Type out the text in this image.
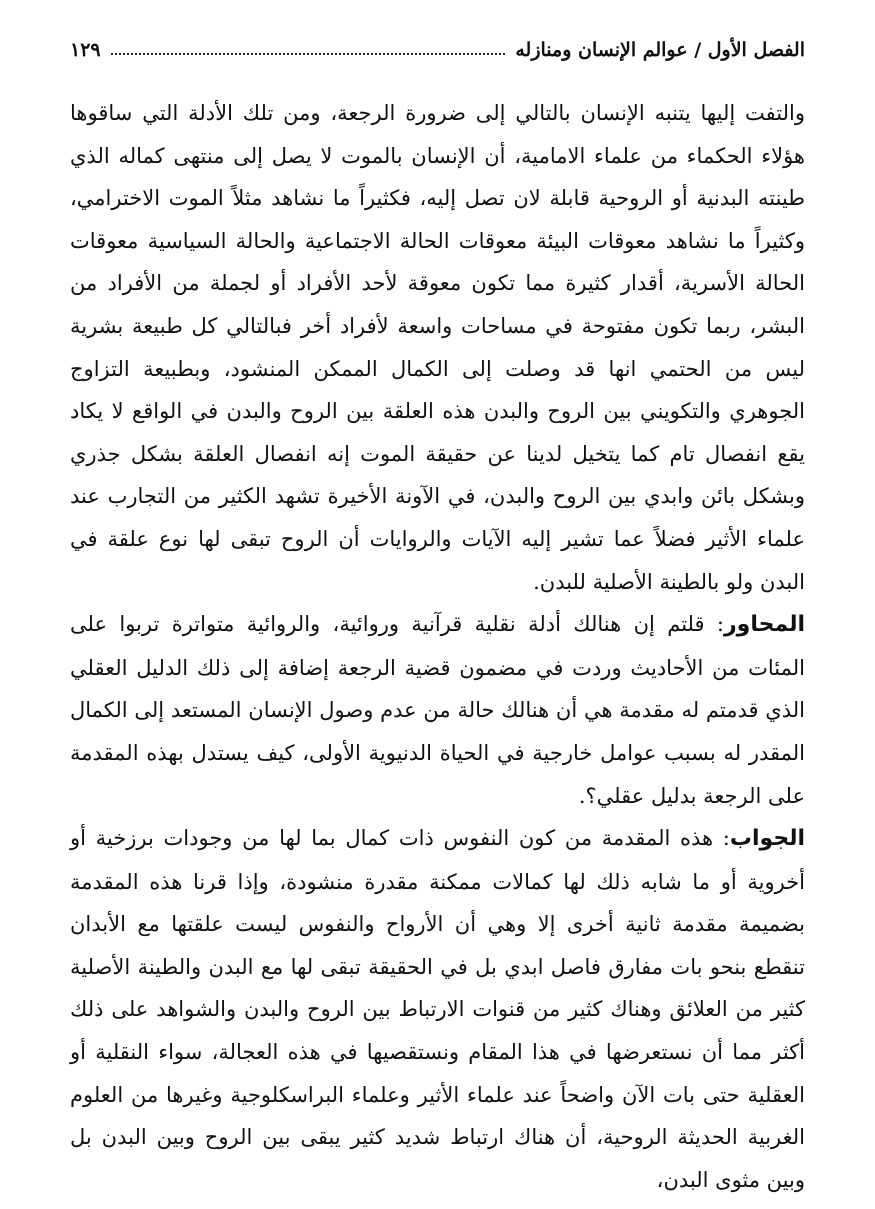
الفصل الأول / عوالم الإنسان ومنازله
١٢٩

والتفت إليها يتنبه الإنسان بالتالي إلى ضرورة الرجعة، ومن تلك الأدلة التي ساقوها هؤلاء الحكماء من علماء الامامية، أن الإنسان بالموت لا يصل إلى منتهى كماله الذي طينته البدنية أو الروحية قابلة لان تصل إليه، فكثيراً ما نشاهد مثلاً الموت الاخترامي، وكثيراً ما نشاهد معوقات البيئة معوقات الحالة الاجتماعية والحالة السياسية معوقات الحالة الأسرية، أقدار كثيرة مما تكون معوقة لأحد الأفراد أو لجملة من الأفراد من البشر، ربما تكون مفتوحة في مساحات واسعة لأفراد أخر فبالتالي كل طبيعة بشرية ليس من الحتمي انها قد وصلت إلى الكمال الممكن المنشود، وبطبيعة التزاوج الجوهري والتكويني بين الروح والبدن هذه العلقة بين الروح والبدن في الواقع لا يكاد يقع انفصال تام كما يتخيل لدينا عن حقيقة الموت إنه انفصال العلقة بشكل جذري وبشكل بائن وابدي بين الروح والبدن، في الآونة الأخيرة تشهد الكثير من التجارب عند علماء الأثير فضلاً عما تشير إليه الآيات والروايات أن الروح تبقى لها نوع علقة في البدن ولو بالطينة الأصلية للبدن.

المحاور: قلتم إن هنالك أدلة نقلية قرآنية وروائية، والروائية متواترة تربوا على المئات من الأحاديث وردت في مضمون قضية الرجعة إضافة إلى ذلك الدليل العقلي الذي قدمتم له مقدمة هي أن هنالك حالة من عدم وصول الإنسان المستعد إلى الكمال المقدر له بسبب عوامل خارجية في الحياة الدنيوية الأولى، كيف يستدل بهذه المقدمة على الرجعة بدليل عقلي؟.

الجواب: هذه المقدمة من كون النفوس ذات كمال بما لها من وجودات برزخية أو أخروية أو ما شابه ذلك لها كمالات ممكنة مقدرة منشودة، وإذا قرنا هذه المقدمة بضميمة مقدمة ثانية أخرى إلا وهي أن الأرواح والنفوس ليست علقتها مع الأبدان تنقطع بنحو بات مفارق فاصل ابدي بل في الحقيقة تبقى لها مع البدن والطينة الأصلية كثير من العلائق وهناك كثير من قنوات الارتباط بين الروح والبدن والشواهد على ذلك أكثر مما أن نستعرضها في هذا المقام ونستقصيها في هذه العجالة، سواء النقلية أو العقلية حتى بات الآن واضحاً عند علماء الأثير وعلماء البراسكلوجية وغيرها من العلوم الغربية الحديثة الروحية، أن هناك ارتباط شديد كثير يبقى بين الروح وبين البدن بل وبين مثوى البدن،
